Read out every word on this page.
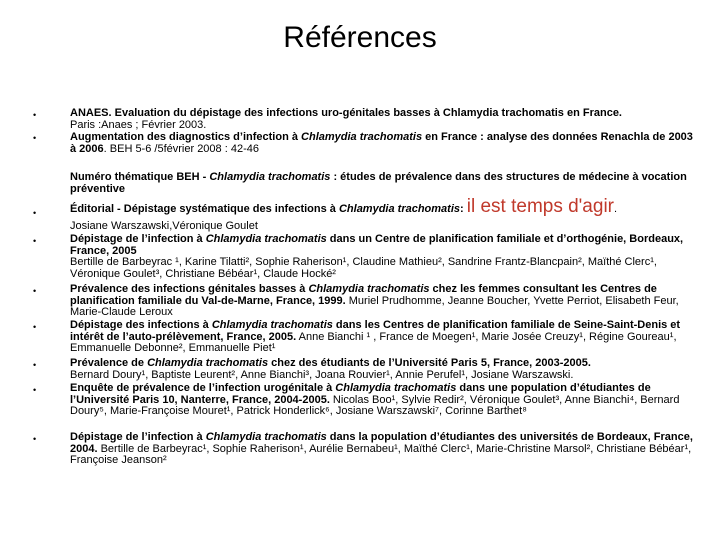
Références
•	ANAES. Evaluation du dépistage des infections uro-génitales basses à Chlamydia trachomatis en France.
Paris :Anaes ; Février 2003.
•	Augmentation des diagnostics d’infection à Chlamydia trachomatis en France : analyse des données Renachla de 2003 à 2006. BEH 5-6 /5février 2008 : 42-46
Numéro thématique BEH - Chlamydia trachomatis : études de prévalence dans des structures de médecine à vocation préventive
•	Éditorial - Dépistage systématique des infections à Chlamydia trachomatis: il est temps d'agir.
Josiane Warszawski,Véronique Goulet
•	Dépistage de l’infection à Chlamydia trachomatis dans un Centre de planification familiale et d’orthogénie, Bordeaux, France, 2005
Bertille de Barbeyrac ¹, Karine Tilatti², Sophie Raherison¹, Claudine Mathieu², Sandrine Frantz-Blancpain², Maïthé Clerc¹, Véronique Goulet³, Christiane Bébéar¹, Claude Hocké²
•	Prévalence des infections génitales basses à Chlamydia trachomatis chez les femmes consultant les Centres de planification familiale du Val-de-Marne, France, 1999. Muriel Prudhomme, Jeanne Boucher, Yvette Perriot, Elisabeth Feur, Marie-Claude Leroux
•	Dépistage des infections à Chlamydia trachomatis dans les Centres de planification familiale de Seine-Saint-Denis et intérêt de l’auto-prélèvement, France, 2005. Anne Bianchi ¹ , France de Moegen¹, Marie Josée Creuzy¹, Régine Goureau¹, Emmanuelle Debonne², Emmanuelle Piet¹
•	Prévalence de Chlamydia trachomatis chez des étudiants de l’Université Paris 5, France, 2003-2005.
Bernard Doury¹, Baptiste Leurent², Anne Bianchi³, Joana Rouvier¹, Annie Perufel¹, Josiane Warszawski.
•	Enquête de prévalence de l’infection urogénitale à Chlamydia trachomatis dans une population d’étudiantes de l’Université Paris 10, Nanterre, France, 2004-2005. Nicolas Boo¹, Sylvie Redir², Véronique Goulet³, Anne Bianchi⁴, Bernard Doury⁵, Marie-Françoise Mouret¹, Patrick Honderlick⁶, Josiane Warszawski⁷, Corinne Barthet⁸
•	Dépistage de l’infection à Chlamydia trachomatis dans la population d’étudiantes des universités de Bordeaux, France, 2004. Bertille de Barbeyrac¹, Sophie Raherison¹, Aurélie Bernabeu¹, Maïthé Clerc¹, Marie-Christine Marsol², Christiane Bébéar¹, Françoise Jeanson²
